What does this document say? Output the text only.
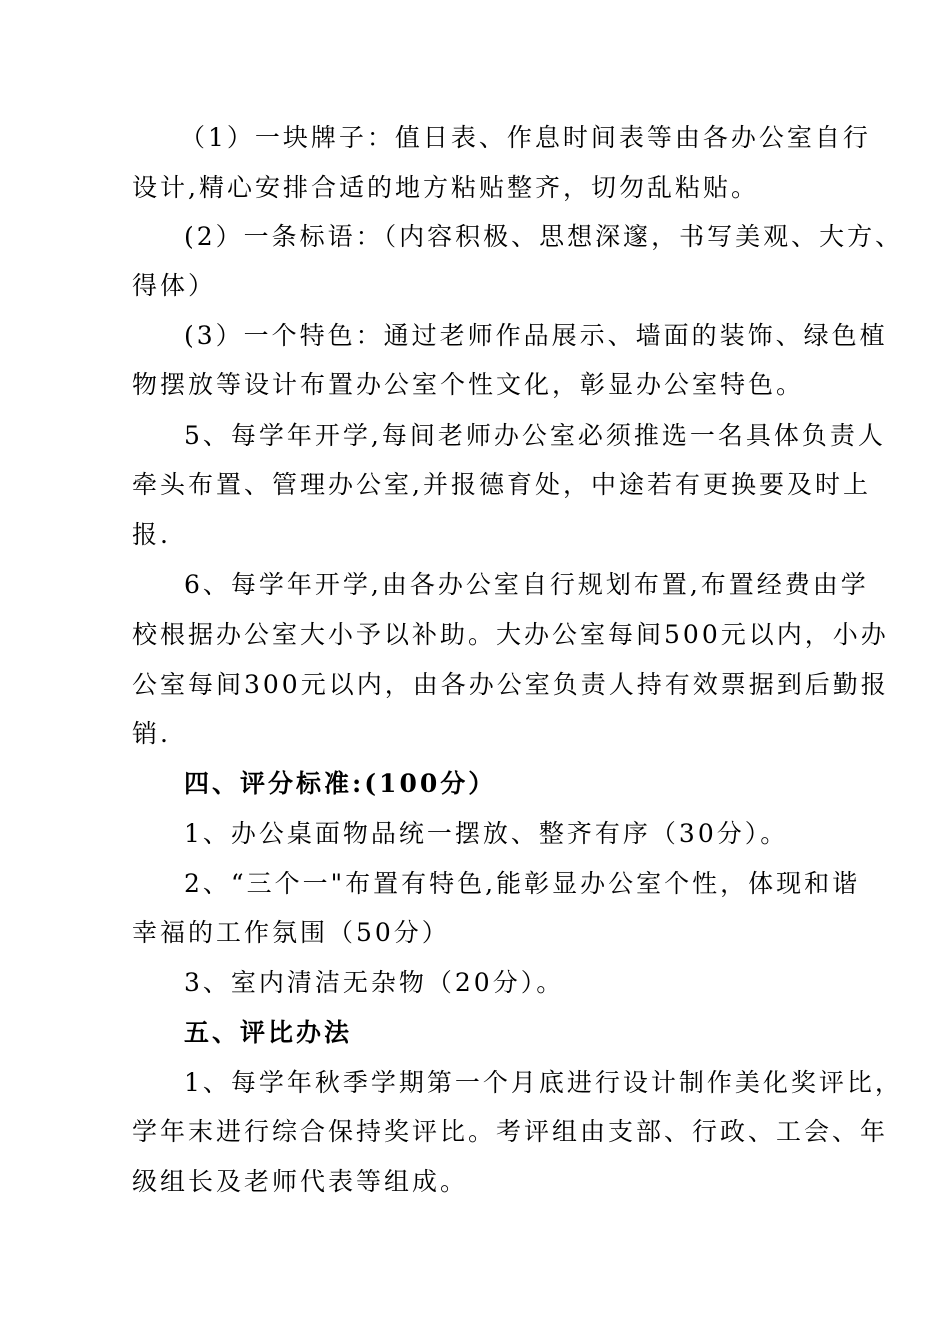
（1）一块牌子：值日表、作息时间表等由各办公室自行
设计,精心安排合适的地方粘贴整齐，切勿乱粘贴。
(2）一条标语：（内容积极、思想深邃，书写美观、大方、
得体）
(3）一个特色：通过老师作品展示、墙面的装饰、绿色植
物摆放等设计布置办公室个性文化，彰显办公室特色。
5、每学年开学,每间老师办公室必须推选一名具体负责人
牵头布置、管理办公室,并报德育处，中途若有更换要及时上
报.
6、每学年开学,由各办公室自行规划布置,布置经费由学
校根据办公室大小予以补助。大办公室每间500元以内，小办
公室每间300元以内，由各办公室负责人持有效票据到后勤报
销.
四、评分标准:(100分）
1、办公桌面物品统一摆放、整齐有序（30分）。
2、“三个一"布置有特色,能彰显办公室个性，体现和谐
幸福的工作氛围（50分）
3、室内清洁无杂物（20分）。
五、评比办法
1、每学年秋季学期第一个月底进行设计制作美化奖评比，
学年末进行综合保持奖评比。考评组由支部、行政、工会、年
级组长及老师代表等组成。
